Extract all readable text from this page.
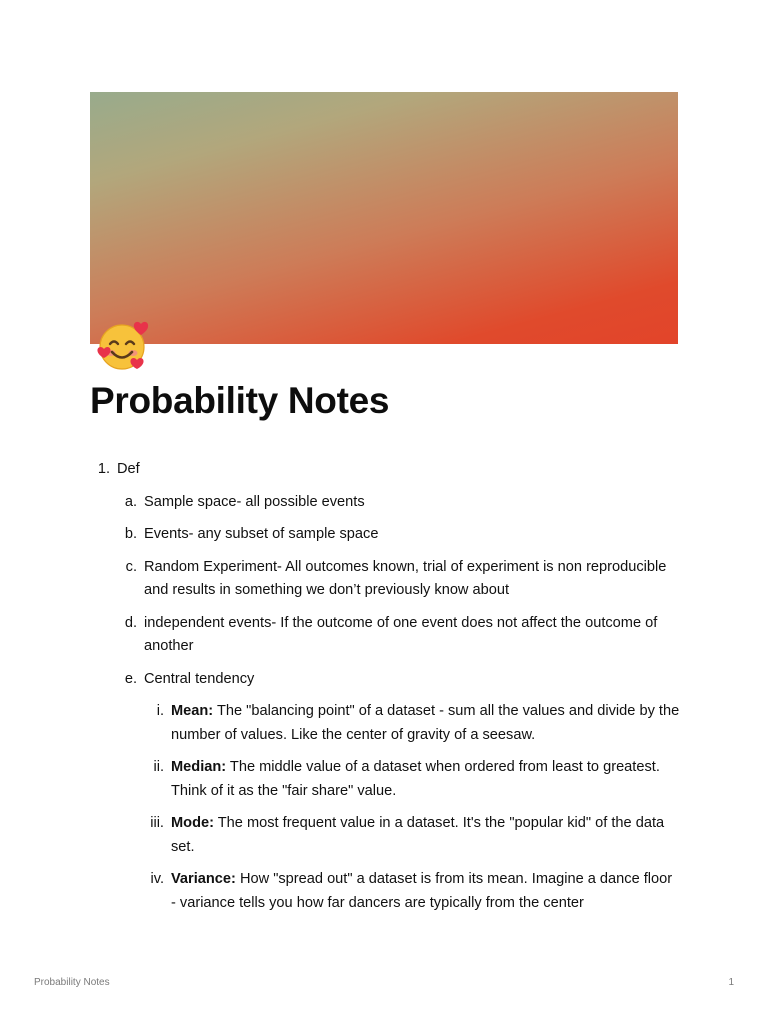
Probability Notes
1. Def
a. Sample space- all possible events
b. Events- any subset of sample space
c. Random Experiment- All outcomes known, trial of experiment is non reproducible and results in something we don’t previously know about
d. independent events- If the outcome of one event does not affect the outcome of another
e. Central tendency
i. Mean: The "balancing point" of a dataset - sum all the values and divide by the number of values. Like the center of gravity of a seesaw.
ii. Median: The middle value of a dataset when ordered from least to greatest. Think of it as the "fair share" value.
iii. Mode: The most frequent value in a dataset. It's the "popular kid" of the data set.
iv. Variance: How "spread out" a dataset is from its mean. Imagine a dance floor - variance tells you how far dancers are typically from the center
Probability Notes	1
